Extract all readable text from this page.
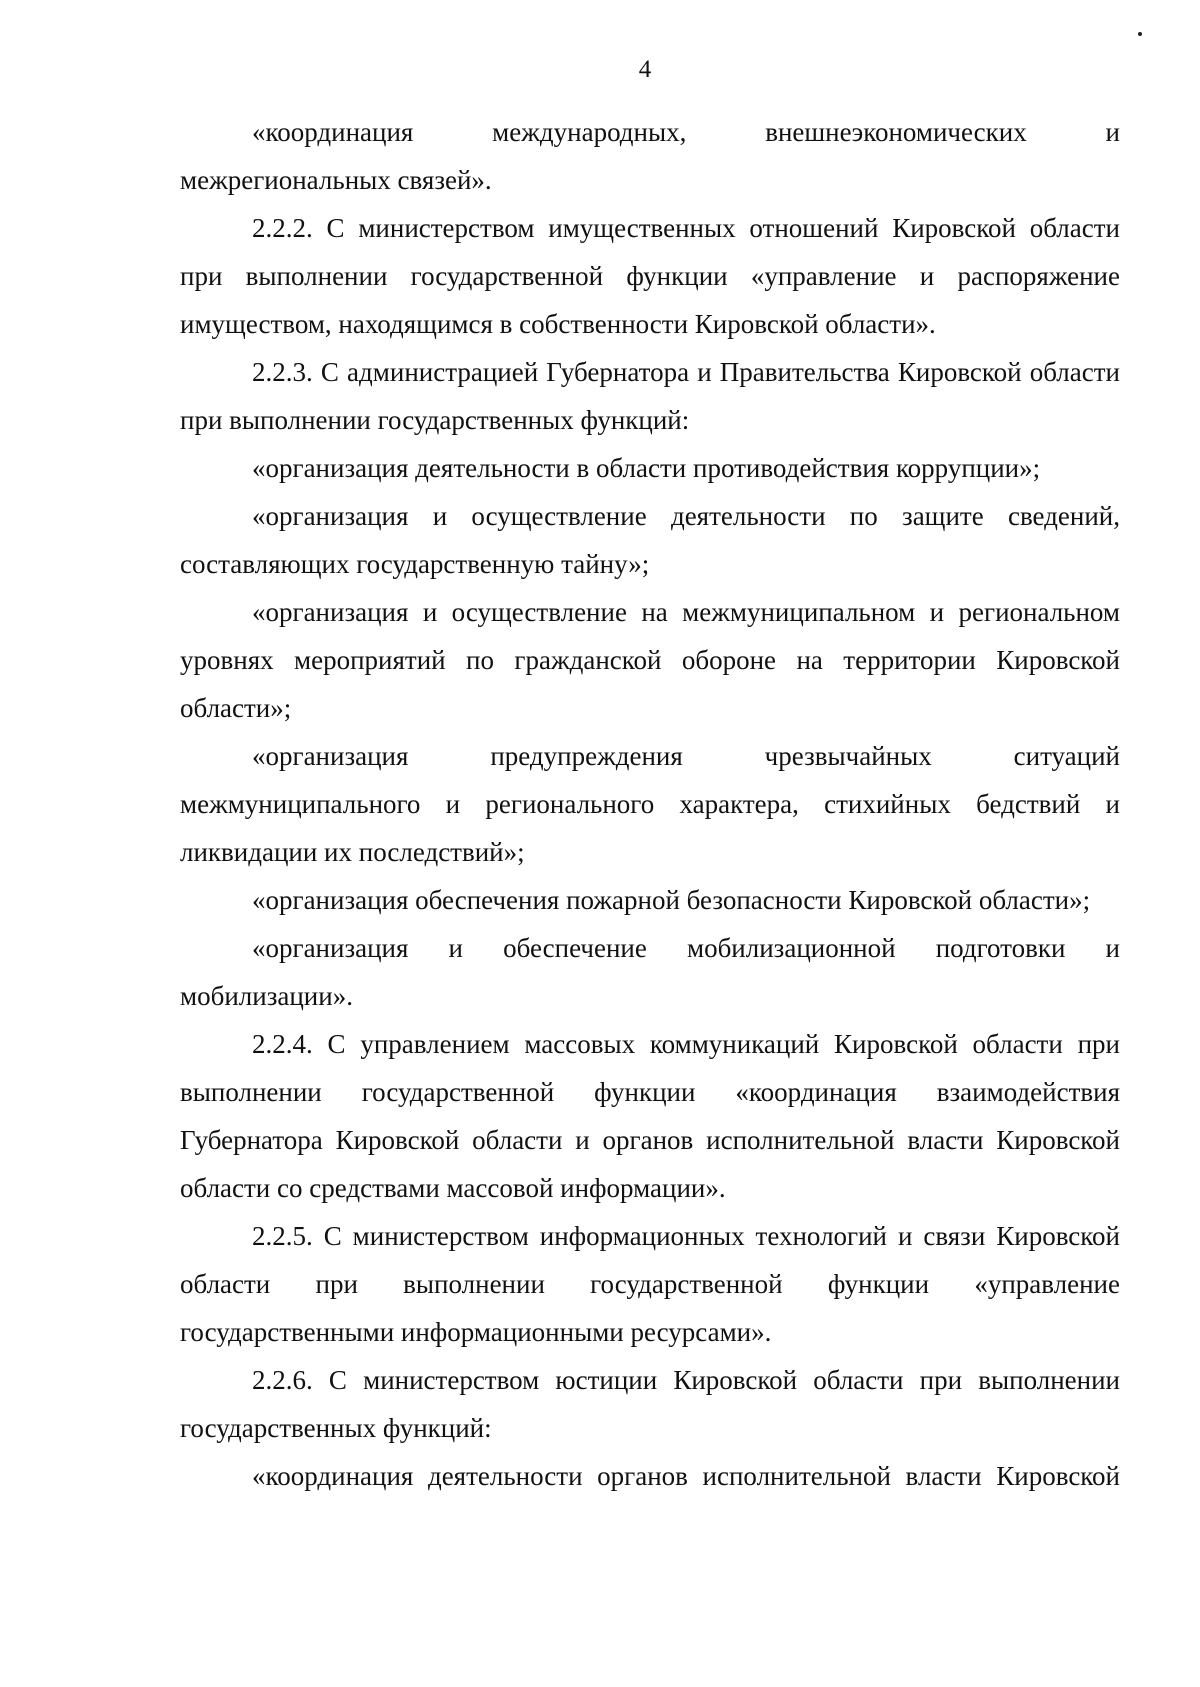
4

«координация международных, внешнеэкономических и межрегиональных связей».

2.2.2. С министерством имущественных отношений Кировской области при выполнении государственной функции «управление и распоряжение имуществом, находящимся в собственности Кировской области».

2.2.3. С администрацией Губернатора и Правительства Кировской области при выполнении государственных функций:

«организация деятельности в области противодействия коррупции»;

«организация и осуществление деятельности по защите сведений, составляющих государственную тайну»;

«организация и осуществление на межмуниципальном и региональном уровнях мероприятий по гражданской обороне на территории Кировской области»;

«организация предупреждения чрезвычайных ситуаций межмуниципального и регионального характера, стихийных бедствий и ликвидации их последствий»;

«организация обеспечения пожарной безопасности Кировской области»;

«организация и обеспечение мобилизационной подготовки и мобилизации».

2.2.4. С управлением массовых коммуникаций Кировской области при выполнении государственной функции «координация взаимодействия Губернатора Кировской области и органов исполнительной власти Кировской области со средствами массовой информации».

2.2.5. С министерством информационных технологий и связи Кировской области при выполнении государственной функции «управление государственными информационными ресурсами».

2.2.6. С министерством юстиции Кировской области при выполнении государственных функций:

«координация деятельности органов исполнительной власти Кировской
